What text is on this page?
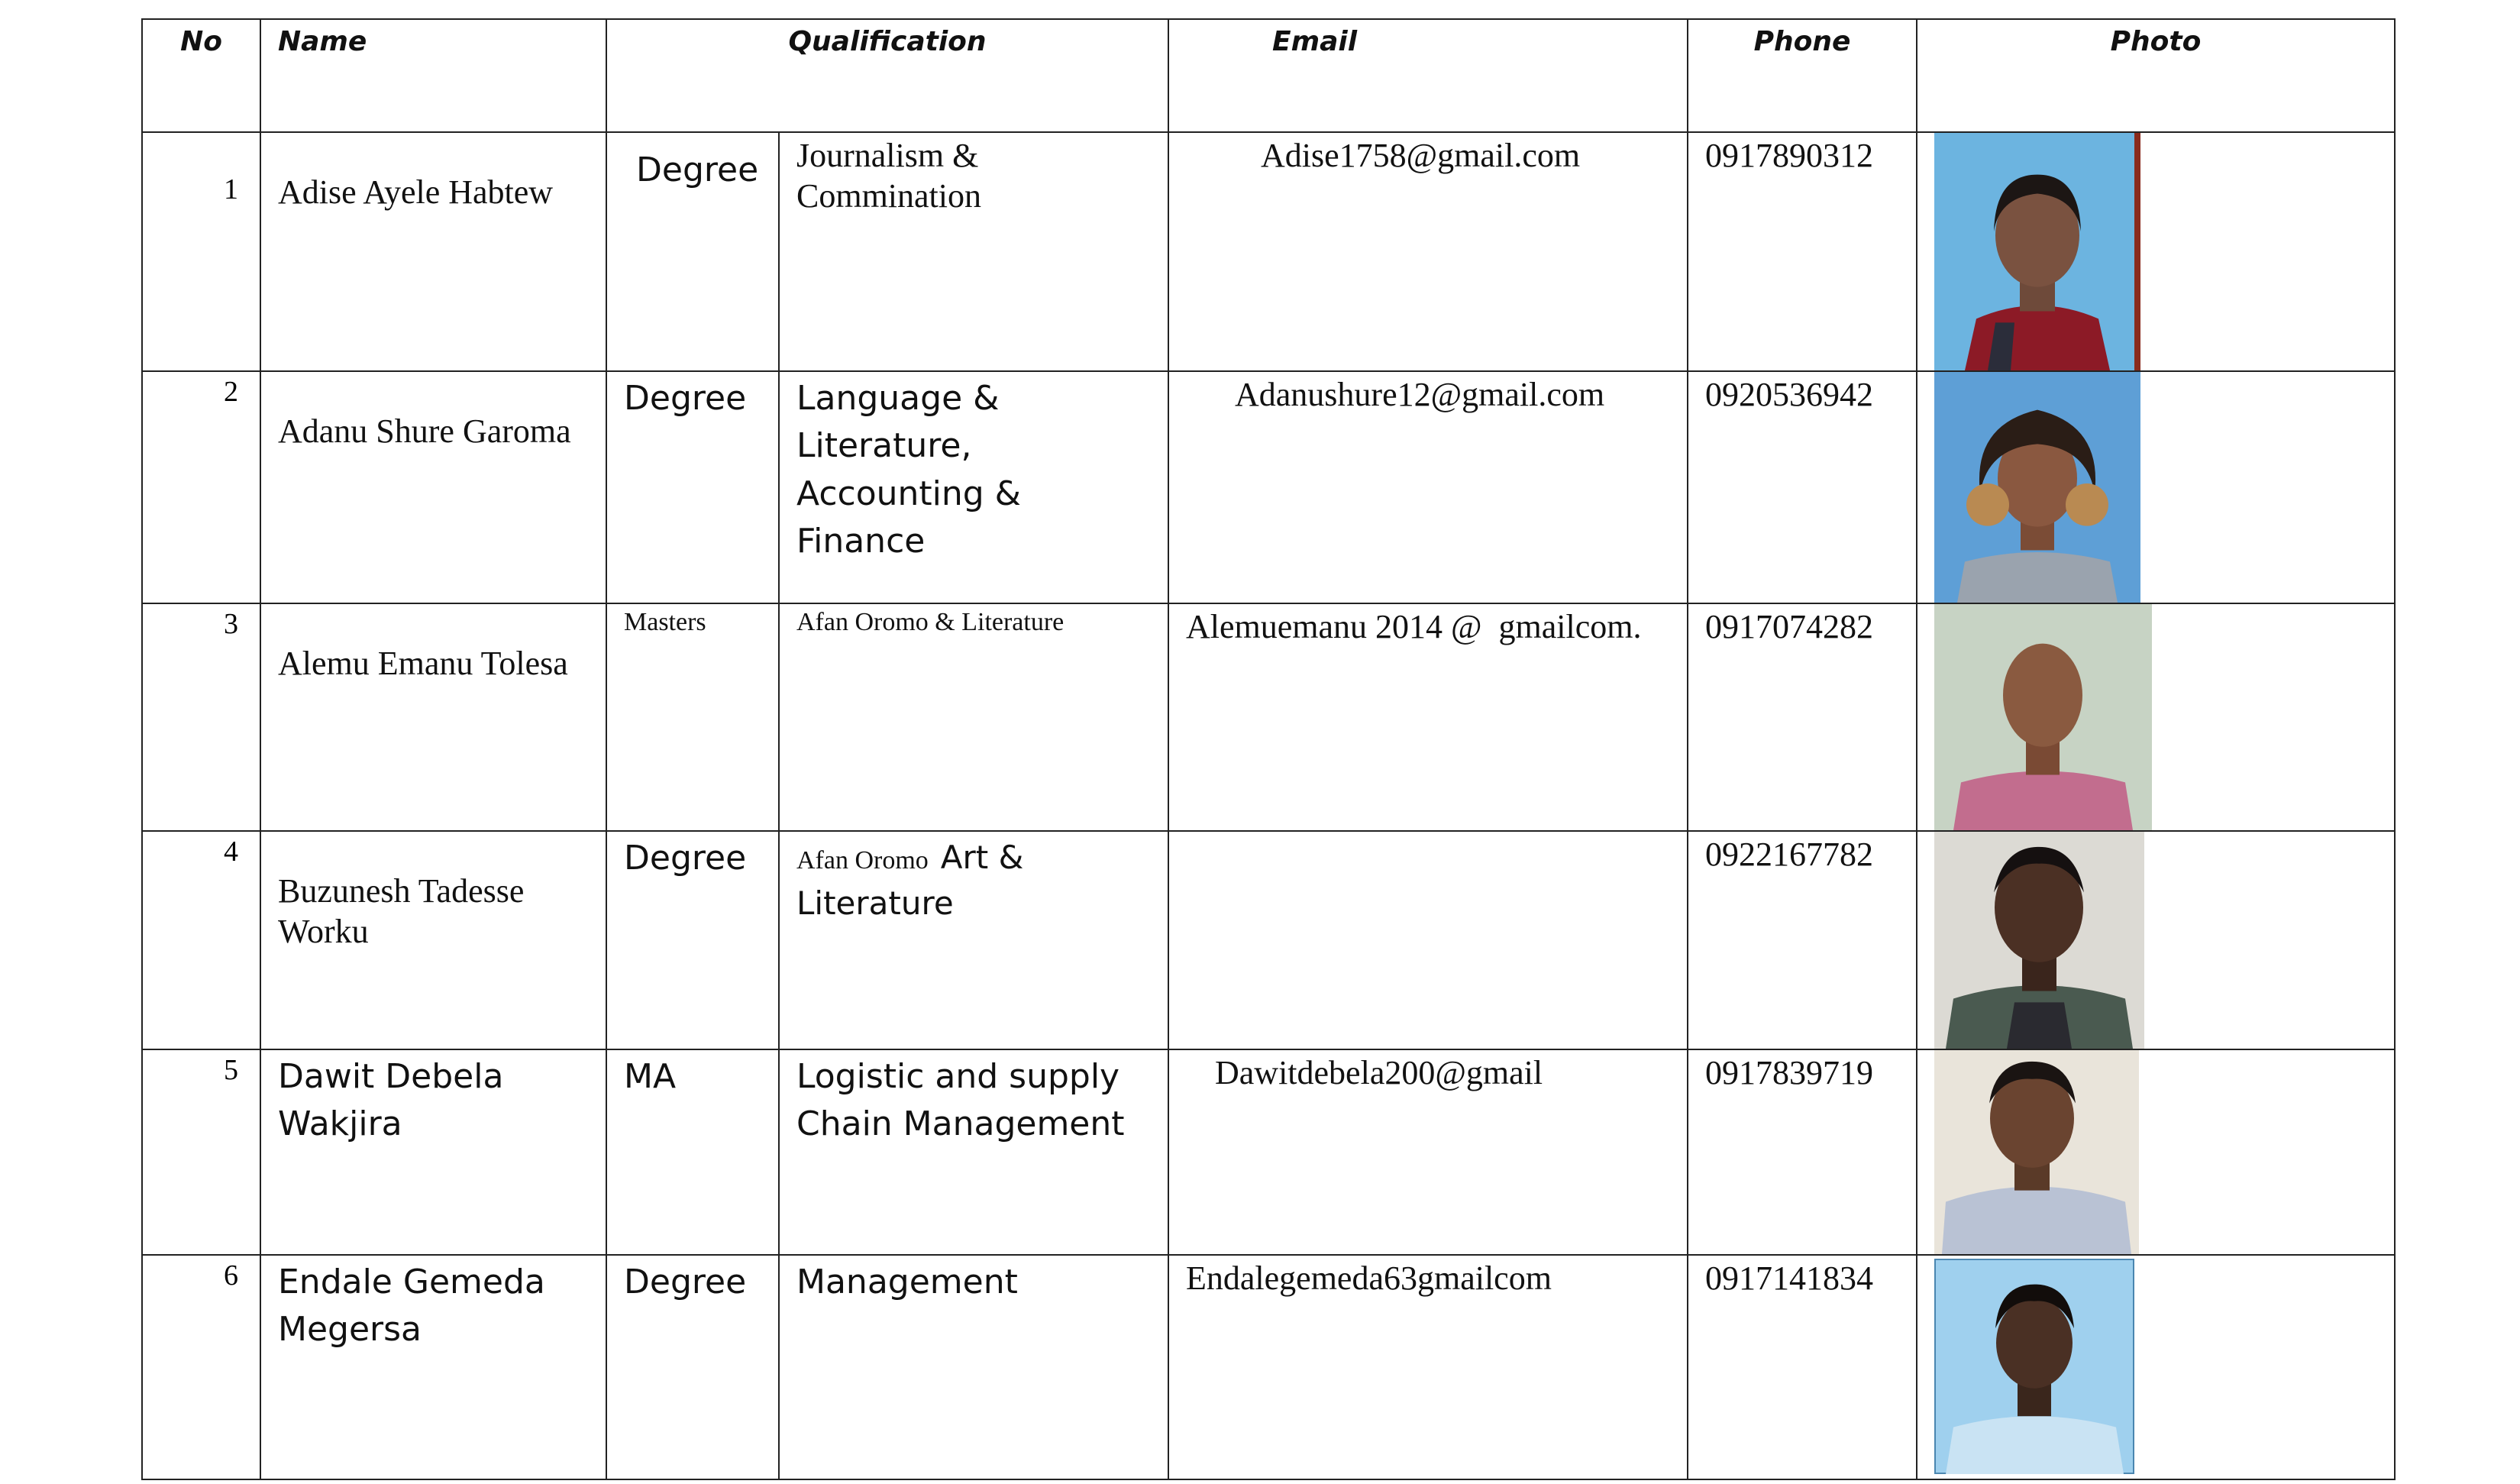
No	Name	Qualification		Email	Phone	Photo

1	Adise Ayele Habtew	Degree	Journalism & Commination	Adise1758@gmail.com	0917890312

2	Adanu Shure Garoma	Degree	Language & Literature, Accounting & Finance	Adanushure12@gmail.com	0920536942

3	Alemu Emanu Tolesa	Masters	Afan Oromo & Literature	Alemuemanu 2014 @  gmailcom.	0917074282

4	Buzunesh Tadesse Worku	Degree	Afan Oromo Art & Literature		0922167782

5	Dawit Debela Wakjira	MA	Logistic and supply Chain Management	Dawitdebela200@gmail	0917839719

6	Endale Gemeda Megersa	Degree	Management	Endalegemeda63gmailcom	0917141834
